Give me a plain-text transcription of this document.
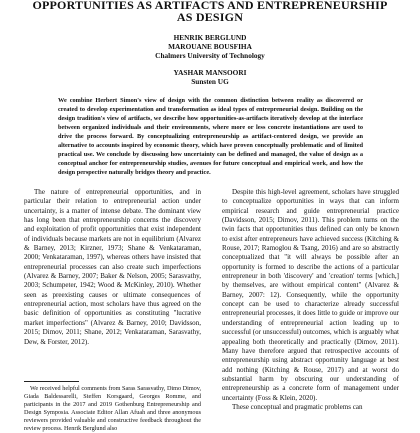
OPPORTUNITIES AS ARTIFACTS AND ENTREPRENEURSHIP
AS DESIGN
HENRIK BERGLUND
MAROUANE BOUSFIHA
Chalmers University of Technology
YASHAR MANSOORI
Sunsten UG

We combine Herbert Simon's view of design with the common distinction between reality as discovered or created to develop experimentation and transformation as ideal types of entrepreneurial design. Building on the design tradition's view of artifacts, we describe how opportunities-as-artifacts iteratively develop at the interface between organized individuals and their environments, where more or less concrete instantiations are used to drive the process forward. By conceptualizing entrepreneurship as artifact-centered design, we provide an alternative to accounts inspired by economic theory, which have proven conceptually problematic and of limited practical use. We conclude by discussing how uncertainty can be defined and managed, the value of design as a conceptual anchor for entrepreneurship studies, avenues for future conceptual and empirical work, and how the design perspective naturally bridges theory and practice.

The nature of entrepreneurial opportunities, and in particular their relation to entrepreneurial action under uncertainty, is a matter of intense debate. The dominant view has long been that entrepreneurship concerns the discovery and exploitation of profit opportunities that exist independent of individuals because markets are not in equilibrium (Alvarez & Barney, 2013; Kirzner, 1973; Shane & Venkataraman, 2000; Venkataraman, 1997), whereas others have insisted that entrepreneurial processes can also create such imperfections (Alvarez & Barney, 2007; Baker & Nelson, 2005; Sarasvathy, 2003; Schumpeter, 1942; Wood & McKinley, 2010). Whether seen as preexisting causes or ultimate consequences of entrepreneurial action, most scholars have thus agreed on the basic definition of opportunities as constituting "lucrative market imperfections" (Alvarez & Barney, 2010; Davidsson, 2015; Dimov, 2011; Shane, 2012; Venkataraman, Sarasvathy, Dew, & Forster, 2012).

Despite this high-level agreement, scholars have struggled to conceptualize opportunities in ways that can inform empirical research and guide entrepreneurial practice (Davidsson, 2015; Dimov, 2011). This problem turns on the twin facts that opportunities thus defined can only be known to exist after entrepreneurs have achieved success (Kitching & Rouse, 2017; Ramoglou & Tsang, 2016) and are so abstractly conceptualized that "it will always be possible after an opportunity is formed to describe the actions of a particular entrepreneur in both 'discovery' and 'creation' terms [which,] by themselves, are without empirical content" (Alvarez & Barney, 2007: 12). Consequently, while the opportunity concept can be used to characterize already successful entrepreneurial processes, it does little to guide or improve our understanding of entrepreneurial action leading up to successful (or unsuccessful) outcomes, which is arguably what appealing both theoretically and practically (Dimov, 2011). Many have therefore argued that retrospective accounts of entrepreneurship using abstract opportunity language at best add nothing (Kitching & Rouse, 2017) and at worst do substantial harm by obscuring our understanding of entrepreneurship as a concrete form of management under uncertainty (Foss & Klein, 2020).

These conceptual and pragmatic problems can

We received helpful comments from Saras Sarasvathy, Dimo Dimov, Giada Baldessarelli, Steffen Korsgaard, Georges Romme, and participants in the 2017 and 2019 Gothenburg Entrepreneurship and Design Symposia. Associate Editor Allan Afuah and three anonymous reviewers provided valuable and constructive feedback throughout the review process. Henrik Berglund also
